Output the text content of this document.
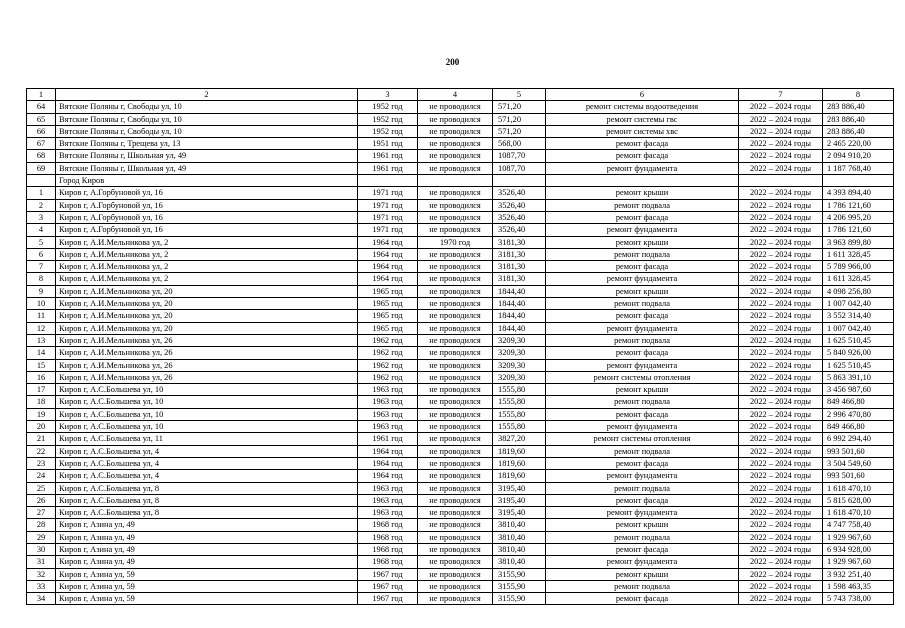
200
1	2	3	4	5	6	7	8
64	Вятские Поляны г, Свободы ул, 10	1952 год	не проводился	571,20	ремонт системы водоотведения	2022 – 2024 годы	283 886,40
65	Вятские Поляны г, Свободы ул, 10	1952 год	не проводился	571,20	ремонт системы гвс	2022 – 2024 годы	283 886,40
66	Вятские Поляны г, Свободы ул, 10	1952 год	не проводился	571,20	ремонт системы хвс	2022 – 2024 годы	283 886,40
67	Вятские Поляны г, Трещева ул, 13	1951 год	не проводился	568,00	ремонт фасада	2022 – 2024 годы	2 465 220,00
68	Вятские Поляны г, Школьная ул, 49	1961 год	не проводился	1087,70	ремонт фасада	2022 – 2024 годы	2 094 910,20
69	Вятские Поляны г, Школьная ул, 49	1961 год	не проводился	1087,70	ремонт фундамента	2022 – 2024 годы	1 187 768,40
	Город Киров						
1	Киров г, А.Горбуновой ул, 16	1971 год	не проводился	3526,40	ремонт крыши	2022 – 2024 годы	4 393 894,40
2	Киров г, А.Горбуновой ул, 16	1971 год	не проводился	3526,40	ремонт подвала	2022 – 2024 годы	1 786 121,60
3	Киров г, А.Горбуновой ул, 16	1971 год	не проводился	3526,40	ремонт фасада	2022 – 2024 годы	4 206 995,20
4	Киров г, А.Горбуновой ул, 16	1971 год	не проводился	3526,40	ремонт фундамента	2022 – 2024 годы	1 786 121,60
5	Киров г, А.И.Мельникова ул, 2	1964 год	1970 год	3181,30	ремонт крыши	2022 – 2024 годы	3 963 899,80
6	Киров г, А.И.Мельникова ул, 2	1964 год	не проводился	3181,30	ремонт подвала	2022 – 2024 годы	1 611 328,45
7	Киров г, А.И.Мельникова ул, 2	1964 год	не проводился	3181,30	ремонт фасада	2022 – 2024 годы	5 789 966,00
8	Киров г, А.И.Мельникова ул, 2	1964 год	не проводился	3181,30	ремонт фундамента	2022 – 2024 годы	1 611 328,45
9	Киров г, А.И.Мельникова ул, 20	1965 год	не проводился	1844,40	ремонт крыши	2022 – 2024 годы	4 098 256,80
10	Киров г, А.И.Мельникова ул, 20	1965 год	не проводился	1844,40	ремонт подвала	2022 – 2024 годы	1 007 042,40
11	Киров г, А.И.Мельникова ул, 20	1965 год	не проводился	1844,40	ремонт фасада	2022 – 2024 годы	3 552 314,40
12	Киров г, А.И.Мельникова ул, 20	1965 год	не проводился	1844,40	ремонт фундамента	2022 – 2024 годы	1 007 042,40
13	Киров г, А.И.Мельникова ул, 26	1962 год	не проводился	3209,30	ремонт подвала	2022 – 2024 годы	1 625 510,45
14	Киров г, А.И.Мельникова ул, 26	1962 год	не проводился	3209,30	ремонт фасада	2022 – 2024 годы	5 840 926,00
15	Киров г, А.И.Мельникова ул, 26	1962 год	не проводился	3209,30	ремонт фундамента	2022 – 2024 годы	1 625 510,45
16	Киров г, А.И.Мельникова ул, 26	1962 год	не проводился	3209,30	ремонт системы отопления	2022 – 2024 годы	5 863 391,10
17	Киров г, А.С.Большева ул, 10	1963 год	не проводился	1555,80	ремонт крыши	2022 – 2024 годы	3 456 987,60
18	Киров г, А.С.Большева ул, 10	1963 год	не проводился	1555,80	ремонт подвала	2022 – 2024 годы	849 466,80
19	Киров г, А.С.Большева ул, 10	1963 год	не проводился	1555,80	ремонт фасада	2022 – 2024 годы	2 996 470,80
20	Киров г, А.С.Большева ул, 10	1963 год	не проводился	1555,80	ремонт фундамента	2022 – 2024 годы	849 466,80
21	Киров г, А.С.Большева ул, 11	1961 год	не проводился	3827,20	ремонт системы отопления	2022 – 2024 годы	6 992 294,40
22	Киров г, А.С.Большева ул, 4	1964 год	не проводился	1819,60	ремонт подвала	2022 – 2024 годы	993 501,60
23	Киров г, А.С.Большева ул, 4	1964 год	не проводился	1819,60	ремонт фасада	2022 – 2024 годы	3 504 549,60
24	Киров г, А.С.Большева ул, 4	1964 год	не проводился	1819,60	ремонт фундамента	2022 – 2024 годы	993 501,60
25	Киров г, А.С.Большева ул, 8	1963 год	не проводился	3195,40	ремонт подвала	2022 – 2024 годы	1 618 470,10
26	Киров г, А.С.Большева ул, 8	1963 год	не проводился	3195,40	ремонт фасада	2022 – 2024 годы	5 815 628,00
27	Киров г, А.С.Большева ул, 8	1963 год	не проводился	3195,40	ремонт фундамента	2022 – 2024 годы	1 618 470,10
28	Киров г, Азина ул, 49	1968 год	не проводился	3810,40	ремонт крыши	2022 – 2024 годы	4 747 758,40
29	Киров г, Азина ул, 49	1968 год	не проводился	3810,40	ремонт подвала	2022 – 2024 годы	1 929 967,60
30	Киров г, Азина ул, 49	1968 год	не проводился	3810,40	ремонт фасада	2022 – 2024 годы	6 934 928,00
31	Киров г, Азина ул, 49	1968 год	не проводился	3810,40	ремонт фундамента	2022 – 2024 годы	1 929 967,60
32	Киров г, Азина ул, 59	1967 год	не проводился	3155,90	ремонт крыши	2022 – 2024 годы	3 932 251,40
33	Киров г, Азина ул, 59	1967 год	не проводился	3155,90	ремонт подвала	2022 – 2024 годы	1 598 463,35
34	Киров г, Азина ул, 59	1967 год	не проводился	3155,90	ремонт фасада	2022 – 2024 годы	5 743 738,00
